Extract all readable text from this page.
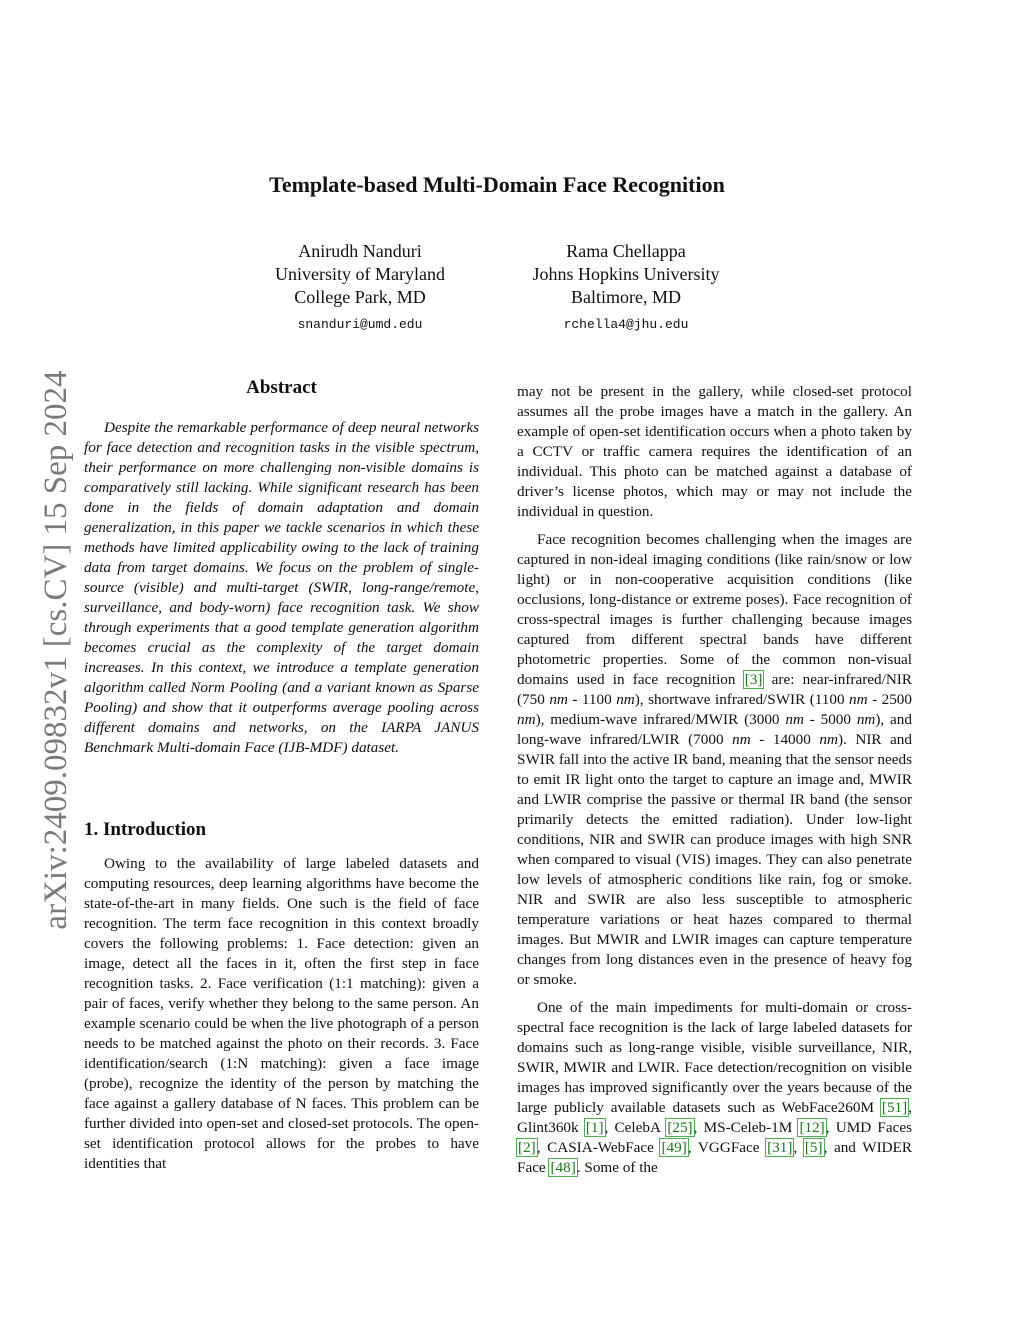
arXiv:2409.09832v1 [cs.CV] 15 Sep 2024
Template-based Multi-Domain Face Recognition
Anirudh Nanduri
University of Maryland
College Park, MD
snanduri@umd.edu
Rama Chellappa
Johns Hopkins University
Baltimore, MD
rchella4@jhu.edu
Abstract

Despite the remarkable performance of deep neural networks for face detection and recognition tasks in the visible spectrum, their performance on more challenging non-visible domains is comparatively still lacking. While significant research has been done in the fields of domain adaptation and domain generalization, in this paper we tackle scenarios in which these methods have limited applicability owing to the lack of training data from target domains. We focus on the problem of single-source (visible) and multi-target (SWIR, long-range/remote, surveillance, and body-worn) face recognition task. We show through experiments that a good template generation algorithm becomes crucial as the complexity of the target domain increases. In this context, we introduce a template generation algorithm called Norm Pooling (and a variant known as Sparse Pooling) and show that it outperforms average pooling across different domains and networks, on the IARPA JANUS Benchmark Multi-domain Face (IJB-MDF) dataset.

1. Introduction

Owing to the availability of large labeled datasets and computing resources, deep learning algorithms have become the state-of-the-art in many fields. One such is the field of face recognition. The term face recognition in this context broadly covers the following problems: 1. Face detection: given an image, detect all the faces in it, often the first step in face recognition tasks. 2. Face verification (1:1 matching): given a pair of faces, verify whether they belong to the same person. An example scenario could be when the live photograph of a person needs to be matched against the photo on their records. 3. Face identification/search (1:N matching): given a face image (probe), recognize the identity of the person by matching the face against a gallery database of N faces. This problem can be further divided into open-set and closed-set protocols. The open-set identification protocol allows for the probes to have identities that

may not be present in the gallery, while closed-set protocol assumes all the probe images have a match in the gallery. An example of open-set identification occurs when a photo taken by a CCTV or traffic camera requires the identification of an individual. This photo can be matched against a database of driver’s license photos, which may or may not include the individual in question.

Face recognition becomes challenging when the images are captured in non-ideal imaging conditions (like rain/snow or low light) or in non-cooperative acquisition conditions (like occlusions, long-distance or extreme poses). Face recognition of cross-spectral images is further challenging because images captured from different spectral bands have different photometric properties. Some of the common non-visual domains used in face recognition [3] are: near-infrared/NIR (750 nm - 1100 nm), shortwave infrared/SWIR (1100 nm - 2500 nm), medium-wave infrared/MWIR (3000 nm - 5000 nm), and long-wave infrared/LWIR (7000 nm - 14000 nm). NIR and SWIR fall into the active IR band, meaning that the sensor needs to emit IR light onto the target to capture an image and, MWIR and LWIR comprise the passive or thermal IR band (the sensor primarily detects the emitted radiation). Under low-light conditions, NIR and SWIR can produce images with high SNR when compared to visual (VIS) images. They can also penetrate low levels of atmospheric conditions like rain, fog or smoke. NIR and SWIR are also less susceptible to atmospheric temperature variations or heat hazes compared to thermal images. But MWIR and LWIR images can capture temperature changes from long distances even in the presence of heavy fog or smoke.

One of the main impediments for multi-domain or cross-spectral face recognition is the lack of large labeled datasets for domains such as long-range visible, visible surveillance, NIR, SWIR, MWIR and LWIR. Face detection/recognition on visible images has improved significantly over the years because of the large publicly available datasets such as WebFace260M [51], Glint360k [1], CelebA [25], MS-Celeb-1M [12], UMD Faces [2], CASIA-WebFace [49], VGGFace [31], [5], and WIDER Face [48]. Some of the
